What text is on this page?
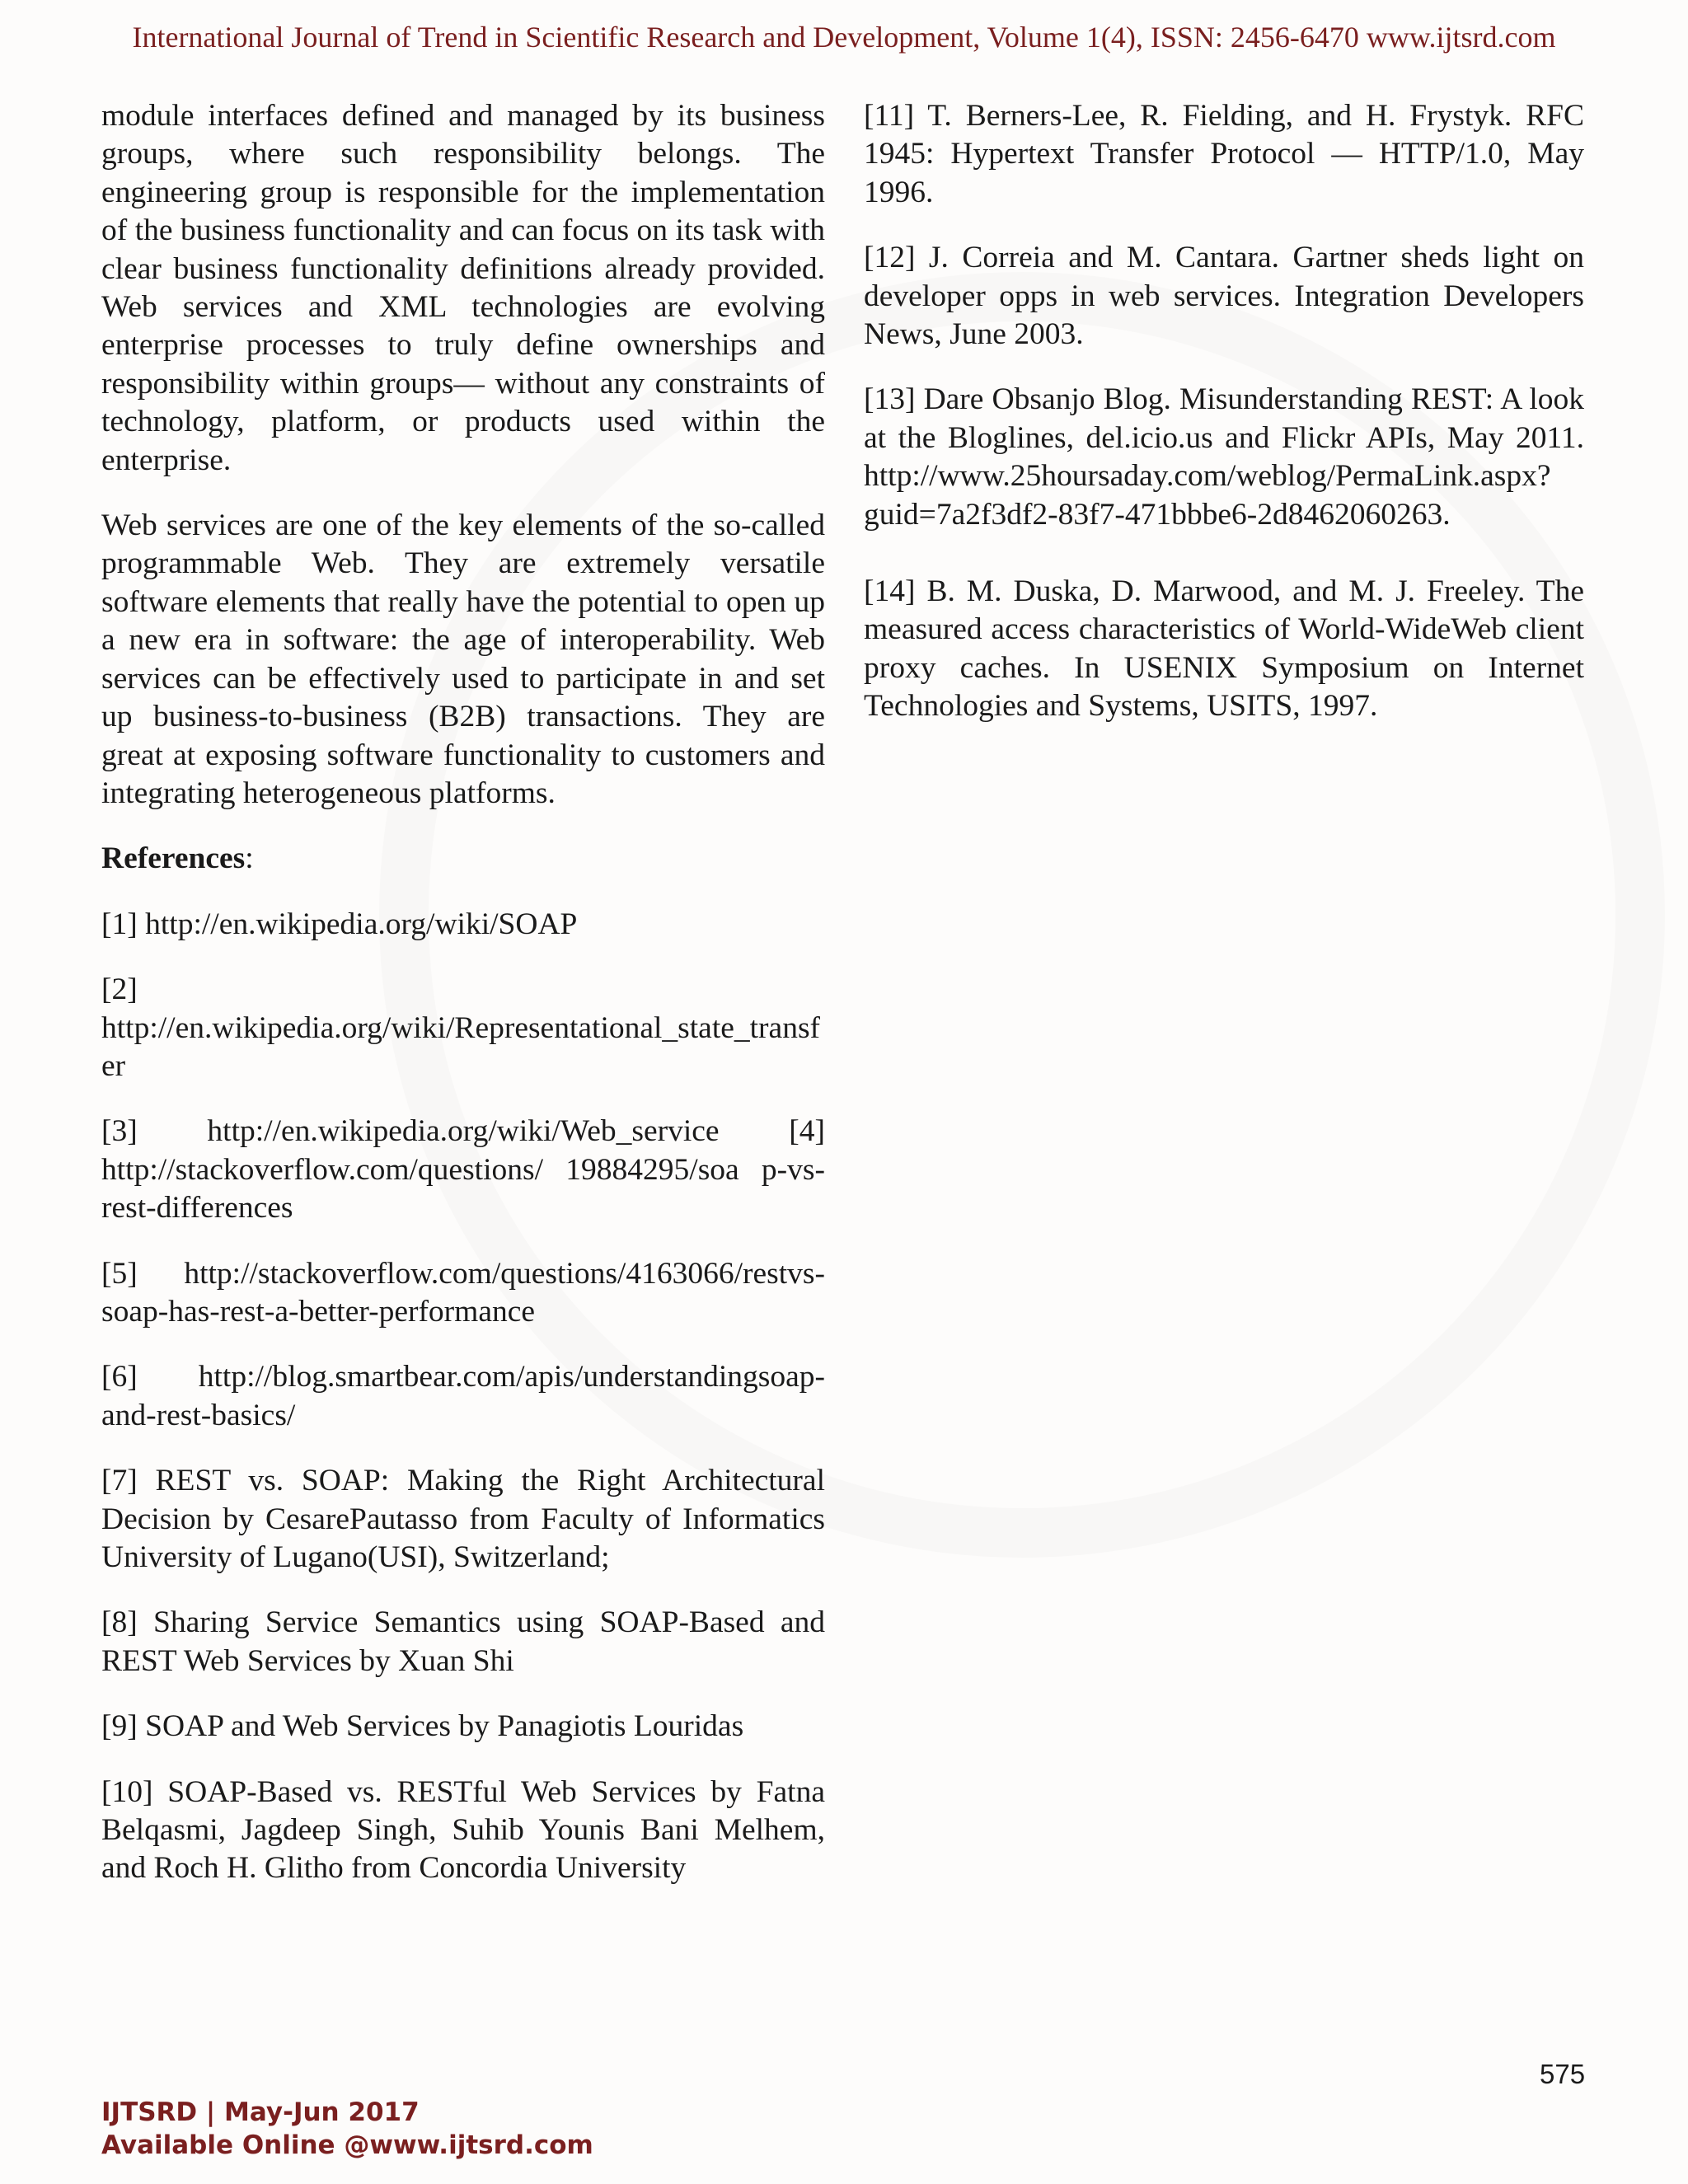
International Journal of Trend in Scientific Research and Development, Volume 1(4), ISSN: 2456-6470 www.ijtsrd.com

module interfaces defined and managed by its business groups, where such responsibility belongs. The engineering group is responsible for the implementation of the business functionality and can focus on its task with clear business functionality definitions already provided. Web services and XML technologies are evolving enterprise processes to truly define ownerships and responsibility within groups— without any constraints of technology, platform, or products used within the enterprise.

Web services are one of the key elements of the so-called programmable Web. They are extremely versatile software elements that really have the potential to open up a new era in software: the age of interoperability. Web services can be effectively used to participate in and set up business-to-business (B2B) transactions. They are great at exposing software functionality to customers and integrating heterogeneous platforms.

References:
[1] http://en.wikipedia.org/wiki/SOAP
[2] http://en.wikipedia.org/wiki/Representational_state_transfer
[3] http://en.wikipedia.org/wiki/Web_service [4] http://stackoverflow.com/questions/ 19884295/soa p-vs-rest-differences
[5] http://stackoverflow.com/questions/4163066/restvs-soap-has-rest-a-better-performance
[6] http://blog.smartbear.com/apis/understandingsoap-and-rest-basics/
[7] REST vs. SOAP: Making the Right Architectural Decision by CesarePautasso from Faculty of Informatics University of Lugano(USI), Switzerland;
[8] Sharing Service Semantics using SOAP-Based and REST Web Services by Xuan Shi
[9] SOAP and Web Services by Panagiotis Louridas
[10] SOAP-Based vs. RESTful Web Services by Fatna Belqasmi, Jagdeep Singh, Suhib Younis Bani Melhem, and Roch H. Glitho from Concordia University
[11] T. Berners-Lee, R. Fielding, and H. Frystyk. RFC 1945: Hypertext Transfer Protocol — HTTP/1.0, May 1996.
[12] J. Correia and M. Cantara. Gartner sheds light on developer opps in web services. Integration Developers News, June 2003.
[13] Dare Obsanjo Blog. Misunderstanding REST: A look at the Bloglines, del.icio.us and Flickr APIs, May 2011. http://www.25hoursaday.com/weblog/PermaLink.aspx?guid=7a2f3df2-83f7-471bbbe6-2d8462060263.
[14] B. M. Duska, D. Marwood, and M. J. Freeley. The measured access characteristics of World-WideWeb client proxy caches. In USENIX Symposium on Internet Technologies and Systems, USITS, 1997.
575
IJTSRD | May-Jun 2017
Available Online @www.ijtsrd.com
